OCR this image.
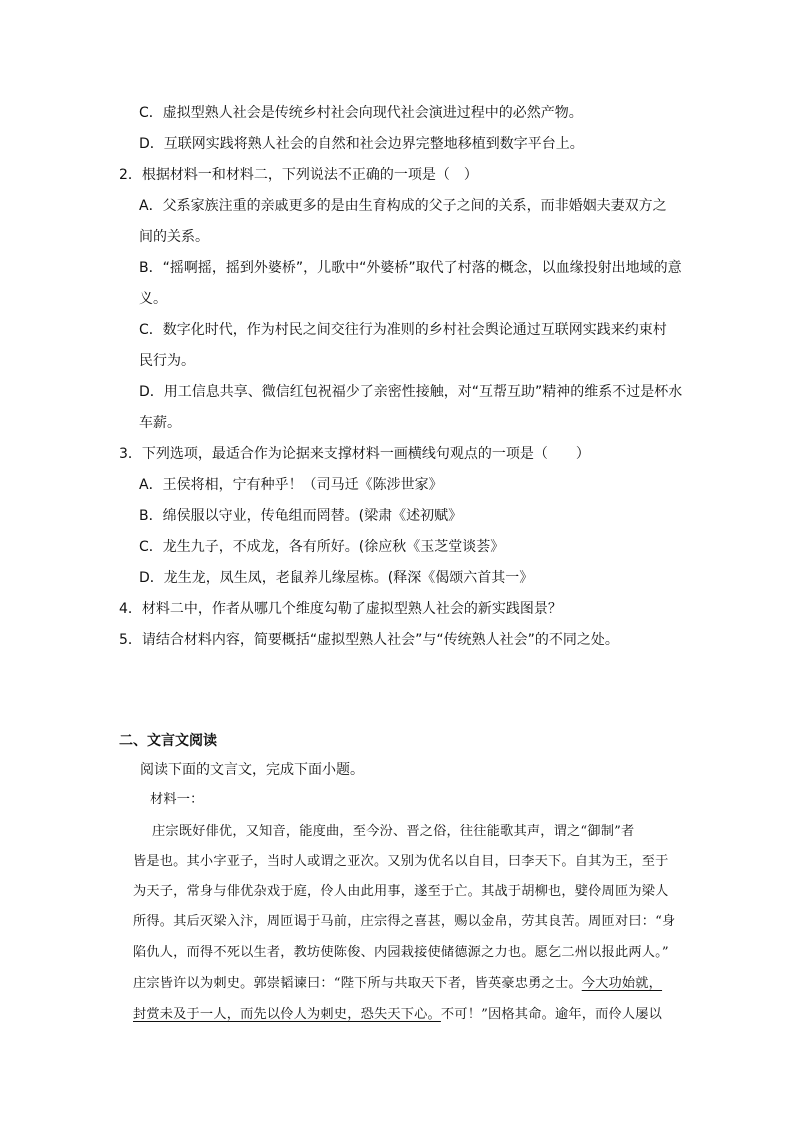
C．虚拟型熟人社会是传统乡村社会向现代社会演进过程中的必然产物。
D．互联网实践将熟人社会的自然和社会边界完整地移植到数字平台上。
2．根据材料一和材料二，下列说法不正确的一项是（　）
A．父系家族注重的亲戚更多的是由生育构成的父子之间的关系，而非婚姻夫妻双方之
间的关系。
B．“摇啊摇，摇到外婆桥”，儿歌中“外婆桥”取代了村落的概念，以血缘投射出地域的意
义。
C．数字化时代，作为村民之间交往行为准则的乡村社会舆论通过互联网实践来约束村
民行为。
D．用工信息共享、微信红包祝福少了亲密性接触，对“互帮互助”精神的维系不过是杯水
车薪。
3．下列选项，最适合作为论据来支撑材料一画横线句观点的一项是（　　）
A．王侯将相，宁有种乎！（司马迁《陈涉世家》
B．绵侯服以守业，传龟组而罔替。(梁肃《述初赋》
C．龙生九子，不成龙，各有所好。(徐应秋《玉芝堂谈荟》
D．龙生龙，凤生凤，老鼠养儿缘屋栋。(释深《偈颂六首其一》
4．材料二中，作者从哪几个维度勾勒了虚拟型熟人社会的新实践图景？
5．请结合材料内容，简要概括“虚拟型熟人社会”与“传统熟人社会”的不同之处。
二、文言文阅读
阅读下面的文言文，完成下面小题。
材料一：
庄宗既好俳优，又知音，能度曲，至今汾、晋之俗，往往能歌其声，谓之“御制”者
皆是也。其小字亚子，当时人或谓之亚次。又别为优名以自目，曰李天下。自其为王，至于
为天子，常身与俳优杂戏于庭，伶人由此用事，遂至于亡。其战于胡柳也，嬖伶周匝为梁人
所得。其后灭梁入汴，周匝谒于马前，庄宗得之喜甚，赐以金帛，劳其良苦。周匝对曰：“身
陷仇人，而得不死以生者，教坊使陈俊、内园栽接使储德源之力也。愿乞二州以报此两人。”
庄宗皆许以为刺史。郭崇韬谏曰：“陛下所与共取天下者，皆英豪忠勇之士。今大功始就，
封赏未及于一人，而先以伶人为刺史，恐失天下心。不可！”因格其命。逾年，而伶人屡以
